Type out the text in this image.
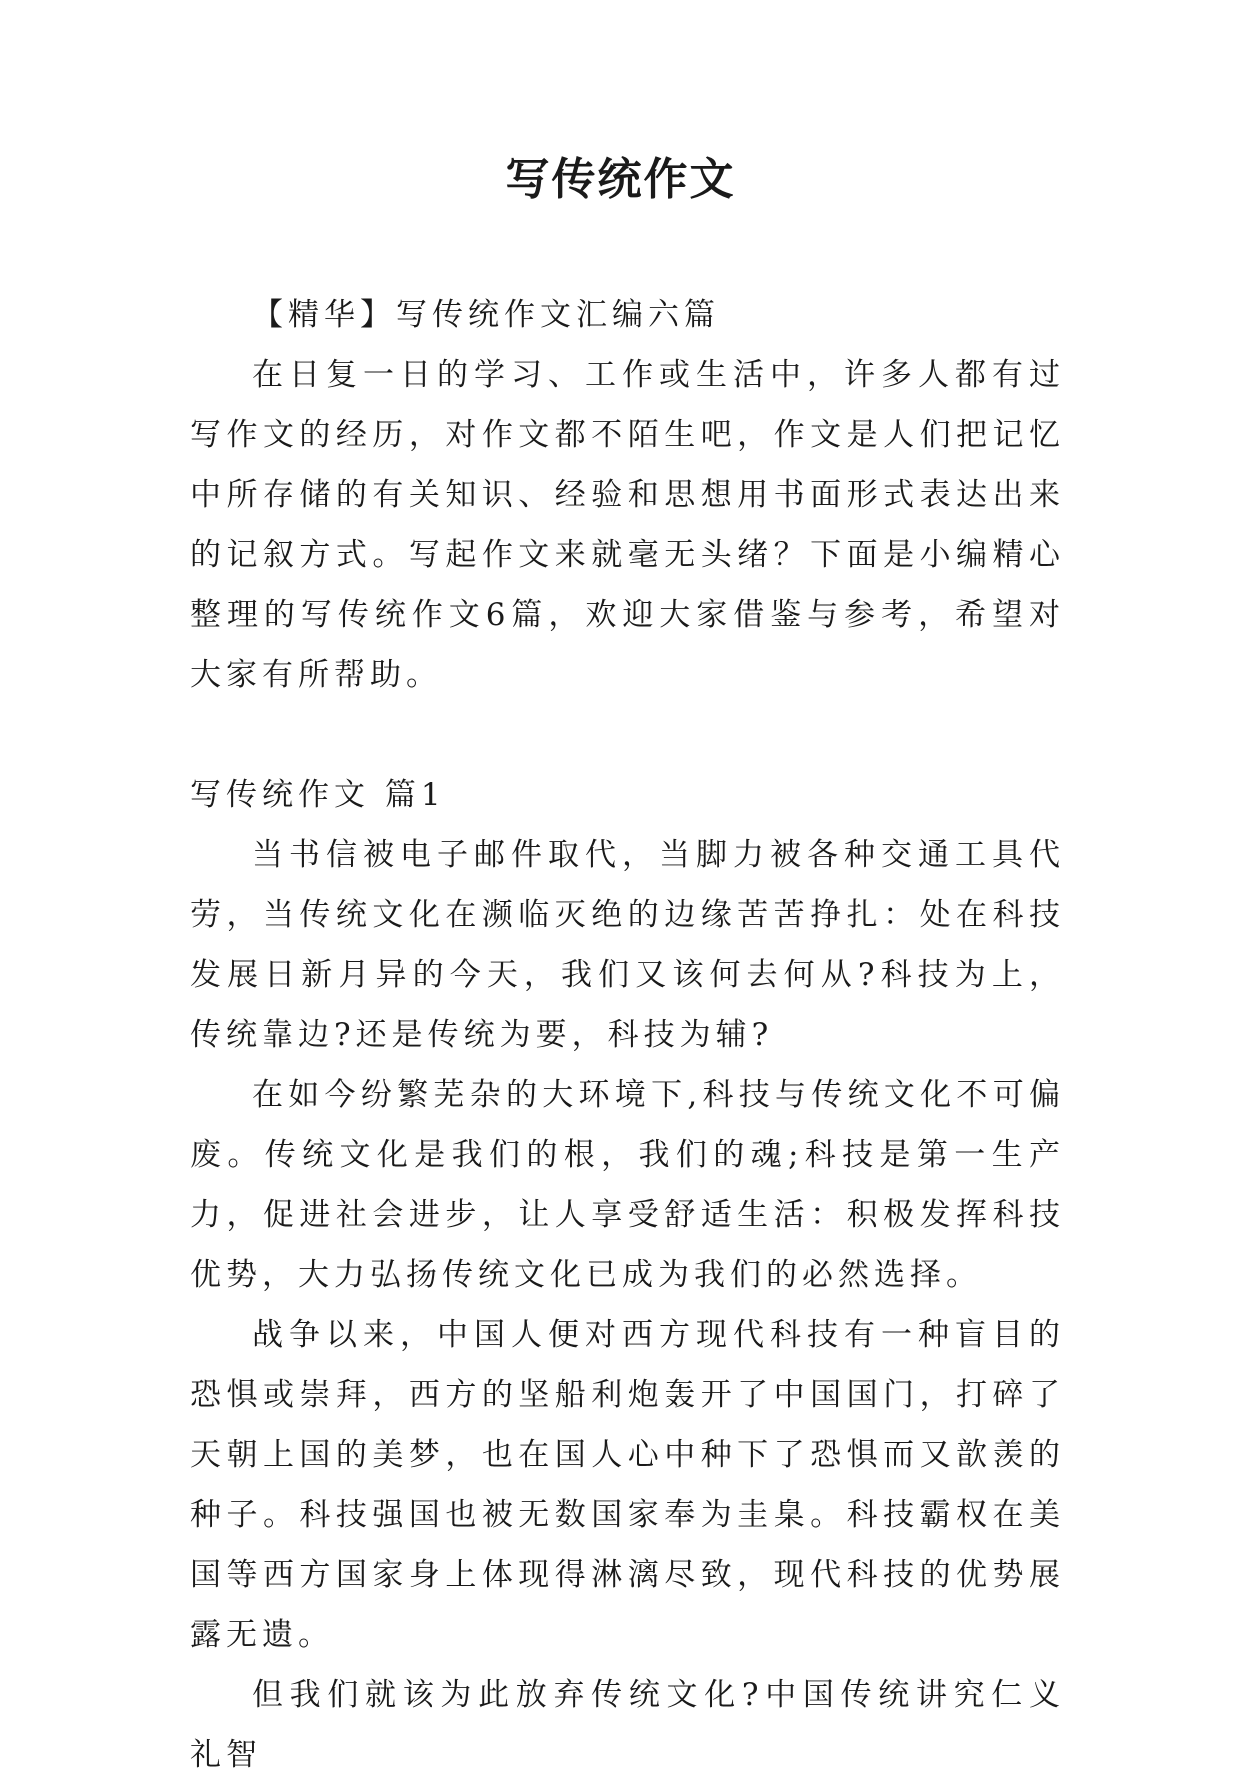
写传统作文

【精华】写传统作文汇编六篇

在日复一日的学习、工作或生活中，许多人都有过写作文的经历，对作文都不陌生吧，作文是人们把记忆中所存储的有关知识、经验和思想用书面形式表达出来的记叙方式。写起作文来就毫无头绪？下面是小编精心整理的写传统作文6篇，欢迎大家借鉴与参考，希望对大家有所帮助。

写传统作文 篇1

当书信被电子邮件取代，当脚力被各种交通工具代劳，当传统文化在濒临灭绝的边缘苦苦挣扎：处在科技发展日新月异的今天，我们又该何去何从?科技为上，传统靠边?还是传统为要，科技为辅?

在如今纷繁芜杂的大环境下,科技与传统文化不可偏废。传统文化是我们的根，我们的魂;科技是第一生产力，促进社会进步，让人享受舒适生活：积极发挥科技优势，大力弘扬传统文化已成为我们的必然选择。

战争以来，中国人便对西方现代科技有一种盲目的恐惧或崇拜，西方的坚船利炮轰开了中国国门，打碎了天朝上国的美梦，也在国人心中种下了恐惧而又歆羡的种子。科技强国也被无数国家奉为圭臬。科技霸权在美国等西方国家身上体现得淋漓尽致，现代科技的优势展露无遗。

但我们就该为此放弃传统文化?中国传统讲究仁义礼智
